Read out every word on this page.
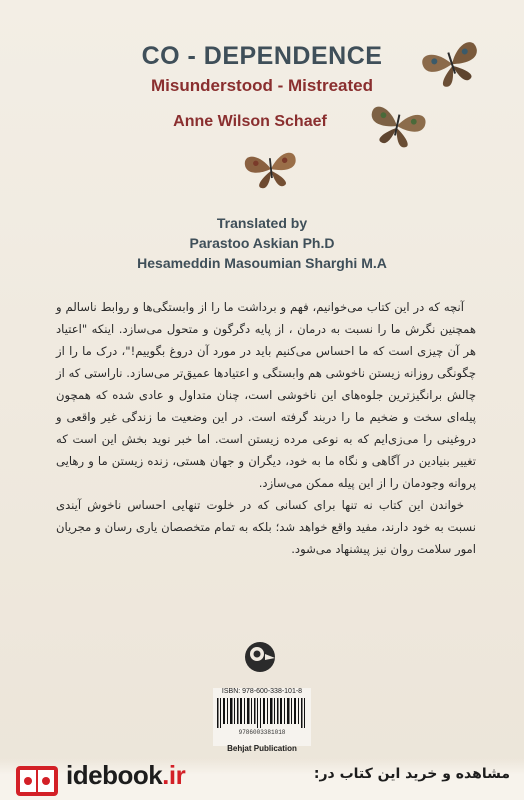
CO - DEPENDENCE
Misunderstood - Mistreated
Anne Wilson Schaef
Translated by
Parastoo Askian Ph.D
Hesameddin Masoumian Sharghi M.A

آنچه که در این کتاب می‌خوانیم، فهم و برداشت ما را از وابستگی‌ها و روابط ناسالم و همچنین نگرش ما را نسبت به درمان ، از پایه دگرگون و متحول می‌سازد. اینکه "اعتیاد هر آن چیزی است که ما احساس می‌کنیم باید در مورد آن دروغ بگوییم!"، درک ما را از چگونگی روزانه زیستن ناخوشی هم وابستگی و اعتیادها عمیق‌تر می‌سازد. ناراستی که از چالش برانگیزترین جلوه‌های این ناخوشی است، چنان متداول و عادی شده که همچون پیله‌ای سخت و ضخیم ما را دربند گرفته است. در این وضعیت ما زندگی غیر واقعی و دروغینی را می‌زی‌ایم که به نوعی مرده زیستن است. اما خبر نوید بخش این است که تغییر بنیادین در آگاهی و نگاه ما به خود، دیگران و جهان هستی، زنده زیستن ما و رهایی پروانه وجودمان را از این پیله ممکن می‌سازد.

خواندن این کتاب نه تنها برای کسانی که در خلوت تنهایی احساس ناخوش آیندی نسبت به خود دارند، مفید واقع خواهد شد؛ بلکه به تمام متخصصان یاری رسان و مجریان امور سلامت روان نیز پیشنهاد می‌شود.

ISBN: 978-600-338-101-8
9786003381018
Behjat Publication
idebook.ir	مشاهده و خرید این کتاب در:
